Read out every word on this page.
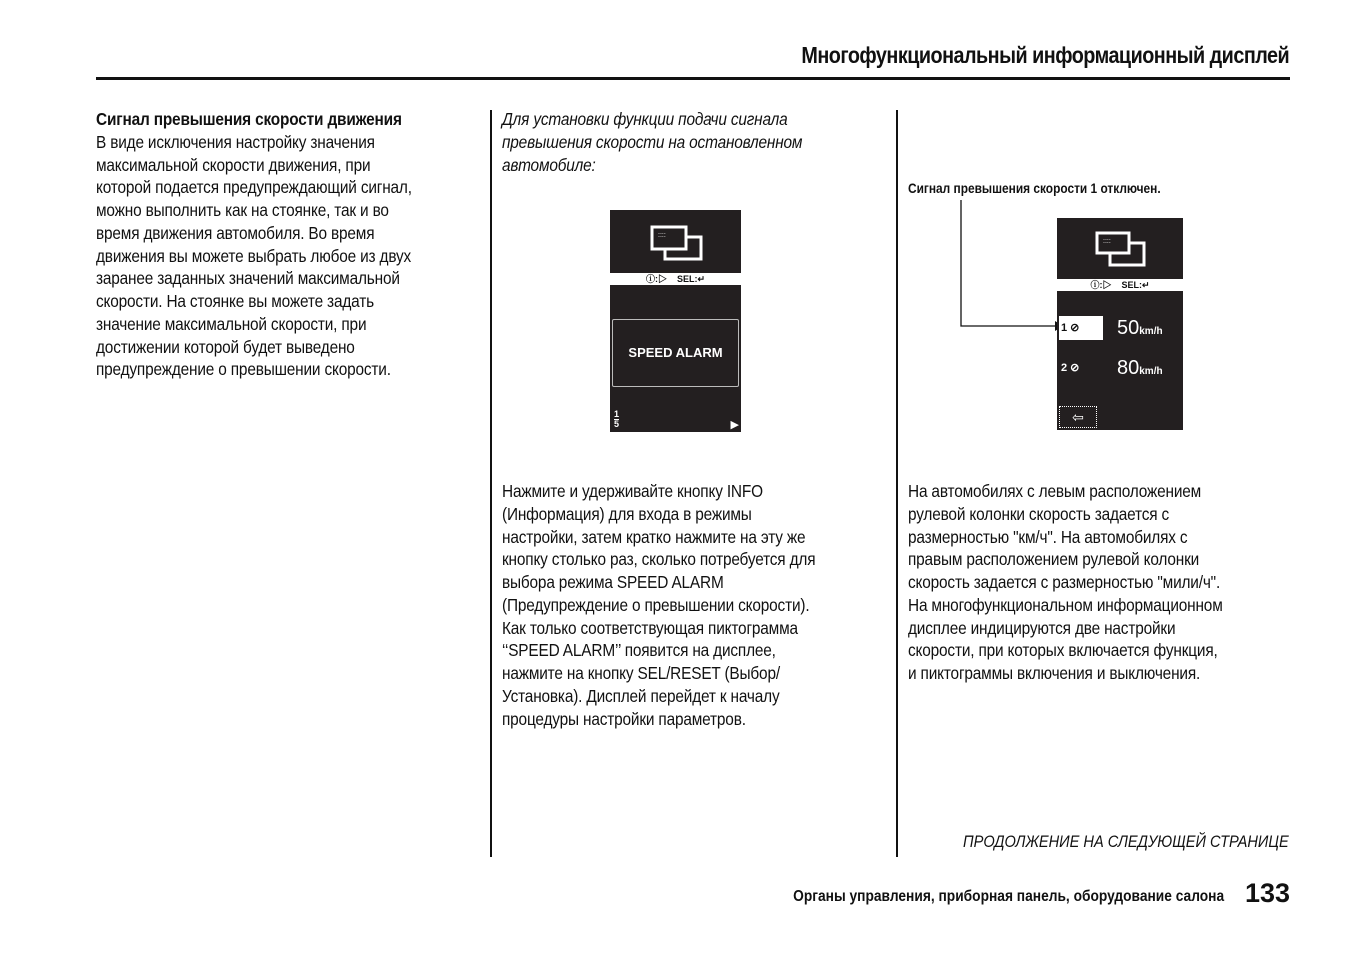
Многофункциональный информационный дисплей
Сигнал превышения скорости движения
В виде исключения настройку значения
максимальной скорости движения, при
которой подается предупреждающий сигнал,
можно выполнить как на стоянке, так и во
время движения автомобиля. Во время
движения вы можете выбрать любое из двух
заранее заданных значений максимальной
скорости. На стоянке вы можете задать
значение максимальной скорости, при
достижении которой будет выведено
предупреждение о превышении скорости.
Для установки функции подачи сигнала
превышения скорости на остановленном
автомобиле:
::::
ⓘ:▷ SEL:↵
SPEED ALARM
1
5	▶
Нажмите и удерживайте кнопку INFO
(Информация) для входа в режимы
настройки, затем кратко нажмите на эту же
кнопку столько раз, сколько потребуется для
выбора режима SPEED ALARM
(Предупреждение о превышении скорости).
Как только соответствующая пиктограмма
‘‘SPEED ALARM’’ появится на дисплее,
нажмите на кнопку SEL/RESET (Выбор/
Установка). Дисплей перейдет к началу
процедуры настройки параметров.
Сигнал превышения скорости 1 отключен.
::::
ⓘ:▷ SEL:↵
1 ⊘	50km/h
2 ⊘ 80km/h
⇦
На автомобилях с левым расположением
рулевой колонки скорость задается с
размерностью "км/ч". На автомобилях с
правым расположением рулевой колонки
скорость задается с размерностью "мили/ч".
На многофункциональном информационном
дисплее индицируются две настройки
скорости, при которых включается функция,
и пиктограммы включения и выключения.
ПРОДОЛЖЕНИЕ НА СЛЕДУЮЩЕЙ СТРАНИЦЕ
Органы управления, приборная панель, оборудование салона 133
